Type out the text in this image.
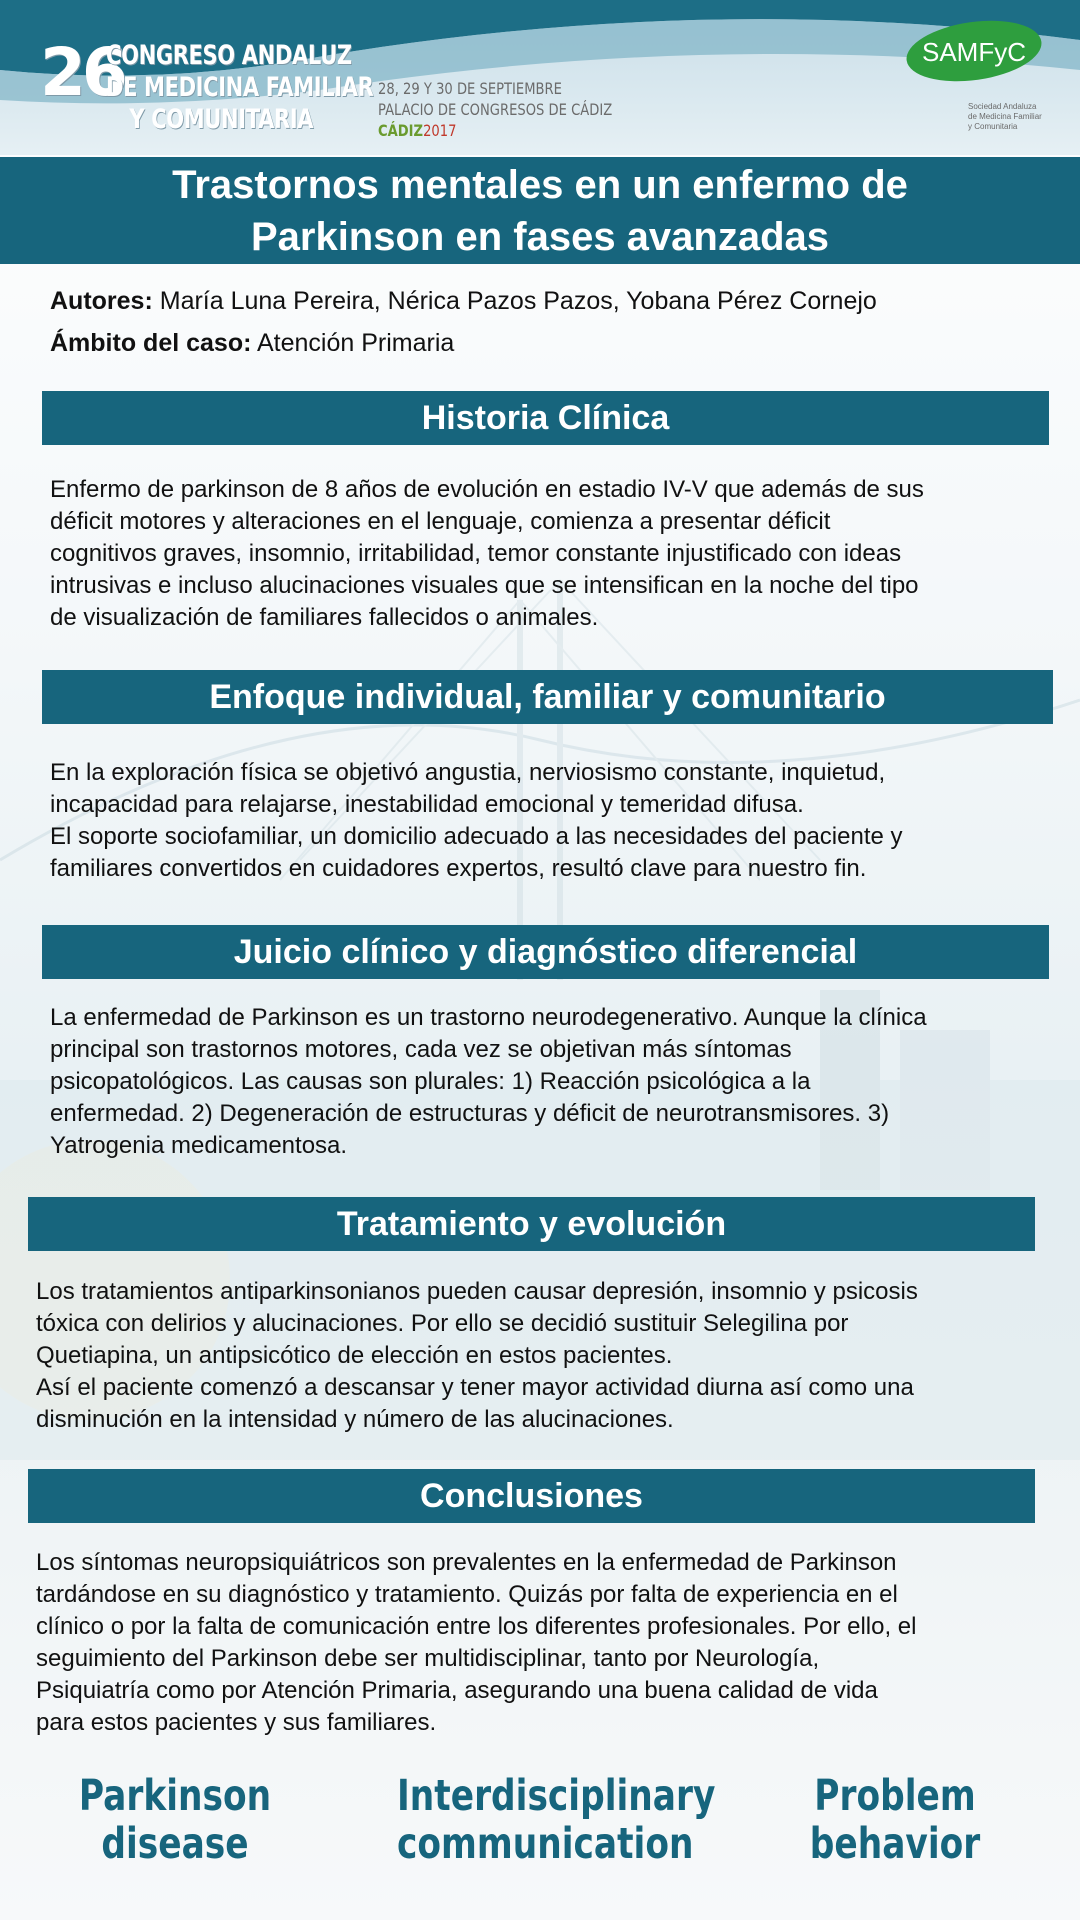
26
CONGRESO ANDALUZ
DE MEDICINA FAMILIAR

Y COMUNITARIA
28, 29 Y 30 DE SEPTIEMBRE
PALACIO DE CONGRESOS DE CÁDIZ
CÁDIZ2017
SAMFyC
Sociedad Andaluza
de Medicina Familiar
y Comunitaria
Trastornos mentales en un enfermo de
Parkinson en fases avanzadas
Autores: María Luna Pereira, Nérica Pazos Pazos, Yobana Pérez Cornejo
Ámbito del caso: Atención Primaria
Historia Clínica

Enfermo de parkinson de 8 años de evolución en estadio IV-V que además de sus
déficit motores y alteraciones en el lenguaje, comienza a presentar déficit
cognitivos graves, insomnio, irritabilidad, temor constante injustificado con ideas
intrusivas e incluso alucinaciones visuales que se intensifican en la noche del tipo
de visualización de familiares fallecidos o animales.

Enfoque individual, familiar y comunitario

En la exploración física se objetivó angustia, nerviosismo constante, inquietud,
incapacidad para relajarse, inestabilidad emocional y temeridad difusa.
El soporte sociofamiliar, un domicilio adecuado a las necesidades del paciente y
familiares convertidos en cuidadores expertos, resultó clave para nuestro fin.

Juicio clínico y diagnóstico diferencial

La enfermedad de Parkinson es un trastorno neurodegenerativo. Aunque la clínica
principal son trastornos motores, cada vez se objetivan más síntomas
psicopatológicos. Las causas son plurales: 1) Reacción psicológica a la
enfermedad. 2) Degeneración de estructuras y déficit de neurotransmisores. 3)
Yatrogenia medicamentosa.

Tratamiento y evolución

Los tratamientos antiparkinsonianos pueden causar depresión, insomnio y psicosis
tóxica con delirios y alucinaciones. Por ello se decidió sustituir Selegilina por
Quetiapina, un antipsicótico de elección en estos pacientes.
Así el paciente comenzó a descansar y tener mayor actividad diurna así como una
disminución en la intensidad y número de las alucinaciones.

Conclusiones

Los síntomas neuropsiquiátricos son prevalentes en la enfermedad de Parkinson
tardándose en su diagnóstico y tratamiento. Quizás por falta de experiencia en el
clínico o por la falta de comunicación entre los diferentes profesionales. Por ello, el
seguimiento del Parkinson debe ser multidisciplinar, tanto por Neurología,
Psiquiatría como por Atención Primaria, asegurando una buena calidad de vida
para estos pacientes y sus familiares.

Parkinson
disease
Interdisciplinary
communication
Problem
behavior
